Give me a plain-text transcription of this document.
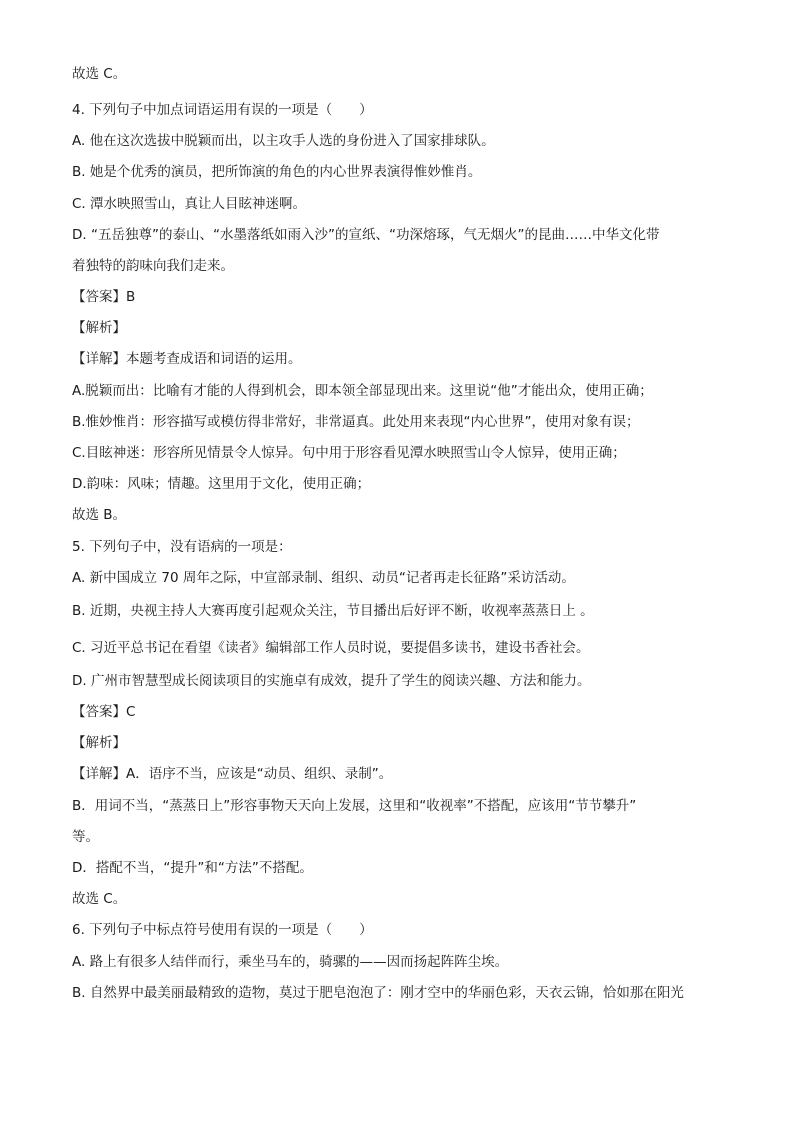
故选 C。
4. 下列句子中加点词语运用有误的一项是（　　）
A. 他在这次选拔中脱颖而出，以主攻手人选的身份进入了国家排球队。
B. 她是个优秀的演员，把所饰演的角色的内心世界表演得惟妙惟肖。
C. 潭水映照雪山，真让人目眩神迷啊。
D. “五岳独尊”的泰山、“水墨落纸如雨入沙”的宣纸、“功深熔琢，气无烟火”的昆曲……中华文化带
着独特的韵味向我们走来。
【答案】B
【解析】
【详解】本题考查成语和词语的运用。
A.脱颖而出：比喻有才能的人得到机会，即本领全部显现出来。这里说“他”才能出众，使用正确；
B.惟妙惟肖：形容描写或模仿得非常好，非常逼真。此处用来表现“内心世界”，使用对象有误；
C.目眩神迷：形容所见情景令人惊异。句中用于形容看见潭水映照雪山令人惊异，使用正确；
D.韵味：风味；情趣。这里用于文化，使用正确；
故选 B。
5. 下列句子中，没有语病的一项是：
A. 新中国成立 70 周年之际，中宣部录制、组织、动员“记者再走长征路”采访活动。
B. 近期，央视主持人大赛再度引起观众关注，节目播出后好评不断，收视率蒸蒸日上 。
C. 习近平总书记在看望《读者》编辑部工作人员时说，要提倡多读书，建设书香社会。
D. 广州市智慧型成长阅读项目的实施卓有成效，提升了学生的阅读兴趣、方法和能力。
【答案】C
【解析】
【详解】A．语序不当，应该是“动员、组织、录制”。
B．用词不当，“蒸蒸日上”形容事物天天向上发展，这里和“收视率”不搭配，应该用“节节攀升”
等。
D．搭配不当，“提升”和“方法”不搭配。
故选 C。
6. 下列句子中标点符号使用有误的一项是（　　）
A. 路上有很多人结伴而行，乘坐马车的，骑骡的——因而扬起阵阵尘埃。
B. 自然界中最美丽最精致的造物，莫过于肥皂泡泡了：刚才空中的华丽色彩，天衣云锦，恰如那在阳光
